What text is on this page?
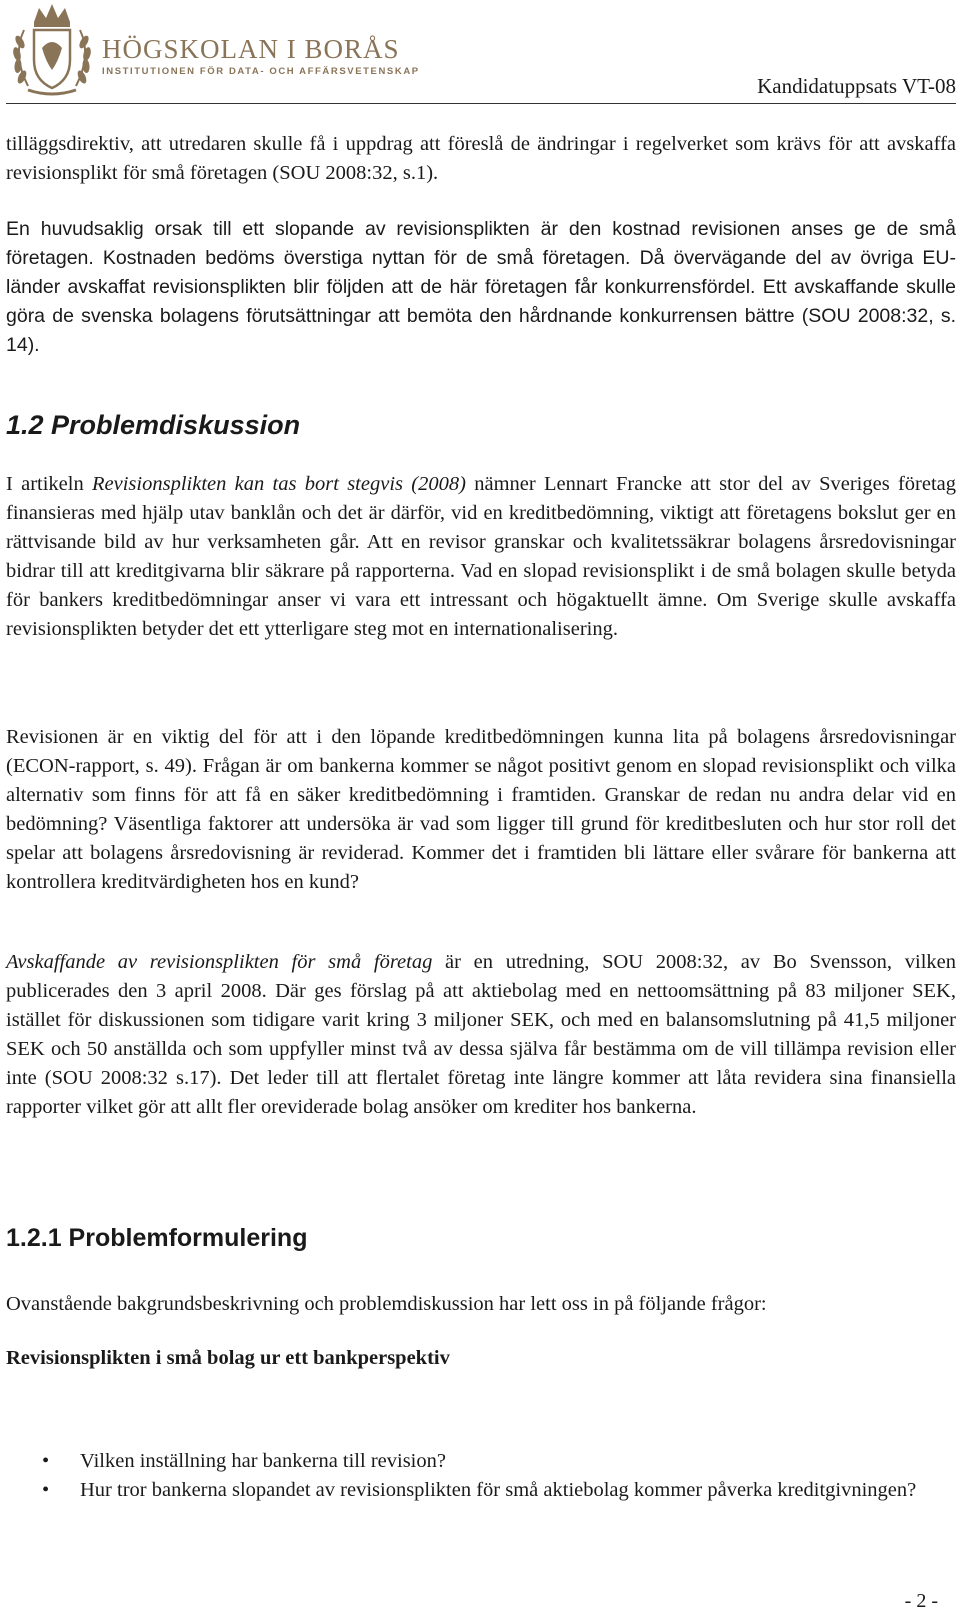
HÖGSKOLAN I BORÅS
INSTITUTIONEN FÖR DATA- OCH AFFÄRSVETENSKAP
Kandidatuppsats VT-08

tilläggsdirektiv, att utredaren skulle få i uppdrag att föreslå de ändringar i regelverket som krävs för att avskaffa revisionsplikt för små företagen (SOU 2008:32, s.1).

En huvudsaklig orsak till ett slopande av revisionsplikten är den kostnad revisionen anses ge de små företagen. Kostnaden bedöms överstiga nyttan för de små företagen. Då övervägande del av övriga EU-länder avskaffat revisionsplikten blir följden att de här företagen får konkurrensfördel. Ett avskaffande skulle göra de svenska bolagens förutsättningar att bemöta den hårdnande konkurrensen bättre (SOU 2008:32, s. 14).

1.2 Problemdiskussion

I artikeln Revisionsplikten kan tas bort stegvis (2008) nämner Lennart Francke att stor del av Sveriges företag finansieras med hjälp utav banklån och det är därför, vid en kreditbedömning, viktigt att företagens bokslut ger en rättvisande bild av hur verksamheten går. Att en revisor granskar och kvalitetssäkrar bolagens årsredovisningar bidrar till att kreditgivarna blir säkrare på rapporterna. Vad en slopad revisionsplikt i de små bolagen skulle betyda för bankers kreditbedömningar anser vi vara ett intressant och högaktuellt ämne. Om Sverige skulle avskaffa revisionsplikten betyder det ett ytterligare steg mot en internationalisering.

Revisionen är en viktig del för att i den löpande kreditbedömningen kunna lita på bolagens årsredovisningar (ECON-rapport, s. 49). Frågan är om bankerna kommer se något positivt genom en slopad revisionsplikt och vilka alternativ som finns för att få en säker kreditbedömning i framtiden. Granskar de redan nu andra delar vid en bedömning? Väsentliga faktorer att undersöka är vad som ligger till grund för kreditbesluten och hur stor roll det spelar att bolagens årsredovisning är reviderad. Kommer det i framtiden bli lättare eller svårare för bankerna att kontrollera kreditvärdigheten hos en kund?

Avskaffande av revisionsplikten för små företag är en utredning, SOU 2008:32, av Bo Svensson, vilken publicerades den 3 april 2008. Där ges förslag på att aktiebolag med en nettoomsättning på 83 miljoner SEK, istället för diskussionen som tidigare varit kring 3 miljoner SEK, och med en balansomslutning på 41,5 miljoner SEK och 50 anställda och som uppfyller minst två av dessa själva får bestämma om de vill tillämpa revision eller inte (SOU 2008:32 s.17). Det leder till att flertalet företag inte längre kommer att låta revidera sina finansiella rapporter vilket gör att allt fler oreviderade bolag ansöker om krediter hos bankerna.

1.2.1 Problemformulering

Ovanstående bakgrundsbeskrivning och problemdiskussion har lett oss in på följande frågor:

Revisionsplikten i små bolag ur ett bankperspektiv

• Vilken inställning har bankerna till revision?
• Hur tror bankerna slopandet av revisionsplikten för små aktiebolag kommer påverka kreditgivningen?
- 2 -
